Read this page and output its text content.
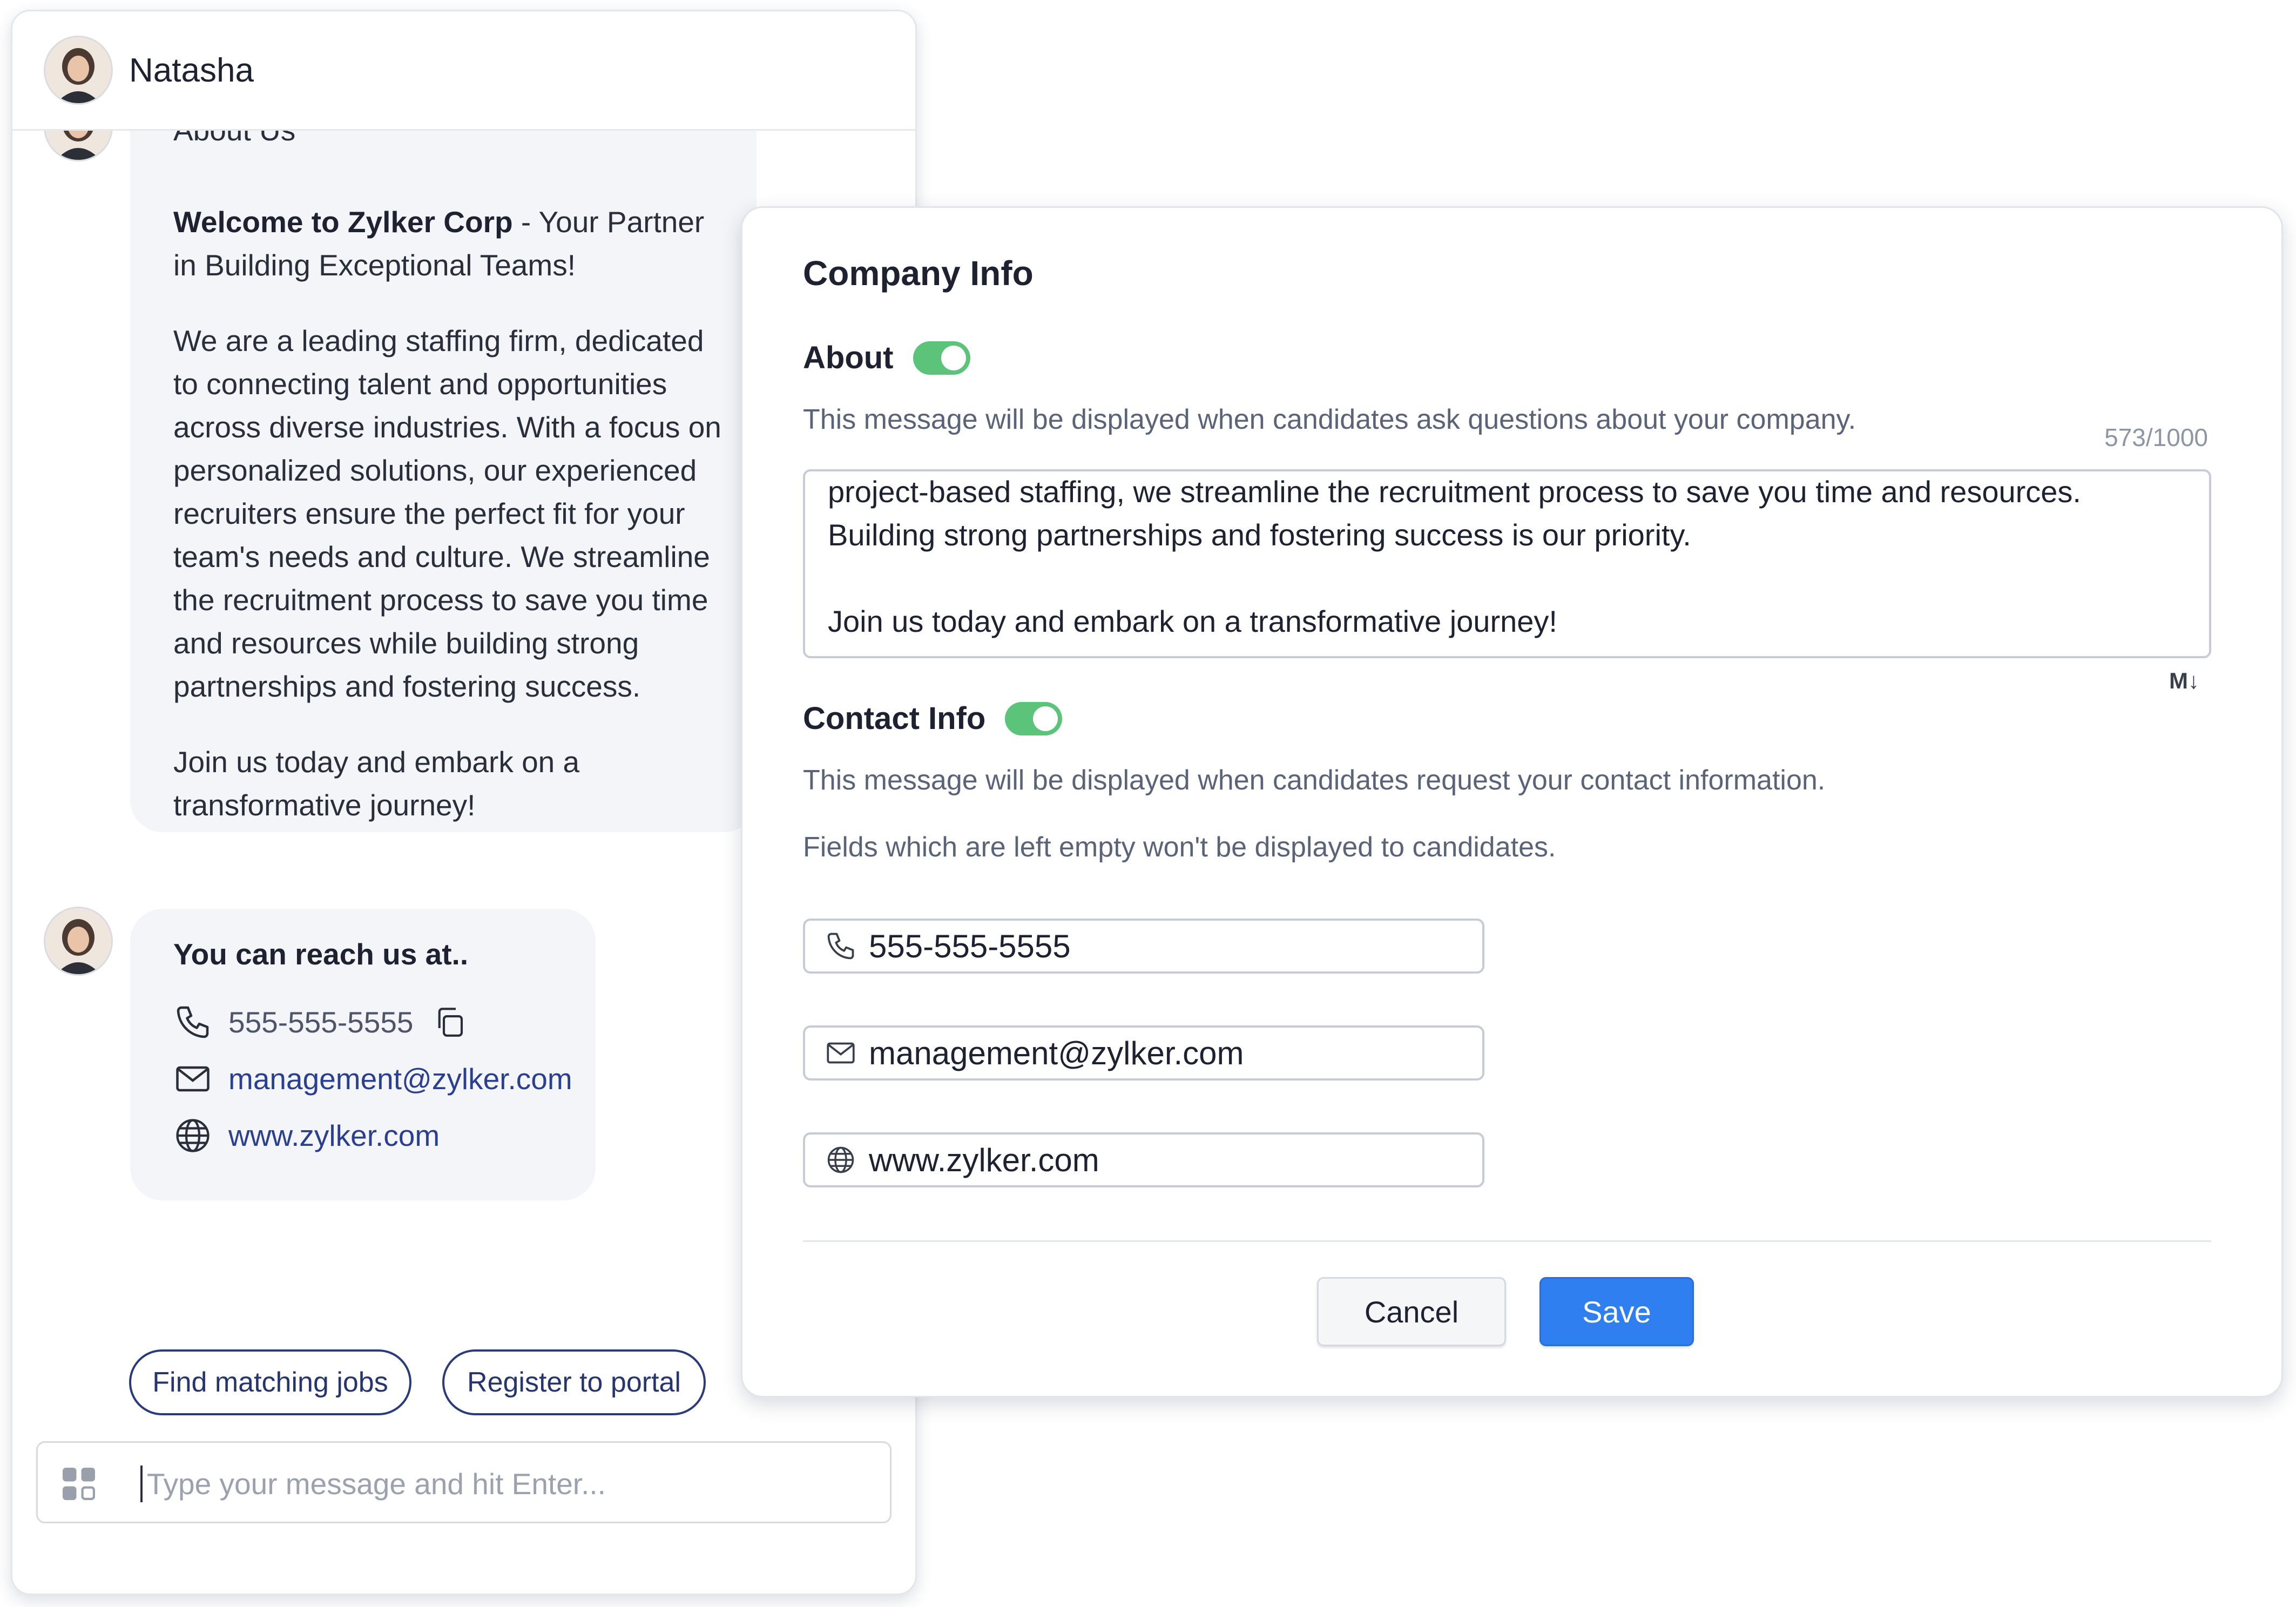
Natasha

Welcome to Zylker Corp - Your Partner in Building Exceptional Teams!

We are a leading staffing firm, dedicated to connecting talent and opportunities across diverse industries. With a focus on personalized solutions, our experienced recruiters ensure the perfect fit for your team's needs and culture. We streamline the recruitment process to save you time and resources while building strong partnerships and fostering success.

Join us today and embark on a transformative journey!

You can reach us at..
555-555-5555
management@zylker.com
www.zylker.com
Find matching jobs	Register to portal
Type your message and hit Enter...
Company Info
About
This message will be displayed when candidates ask questions about your company.
573/1000
project-based staffing, we streamline the recruitment process to save you time and resources.
Building strong partnerships and fostering success is our priority.
Join us today and embark on a transformative journey!
M↓
Contact Info
This message will be displayed when candidates request your contact information.
Fields which are left empty won't be displayed to candidates.
555-555-5555
management@zylker.com
www.zylker.com
Cancel	Save
